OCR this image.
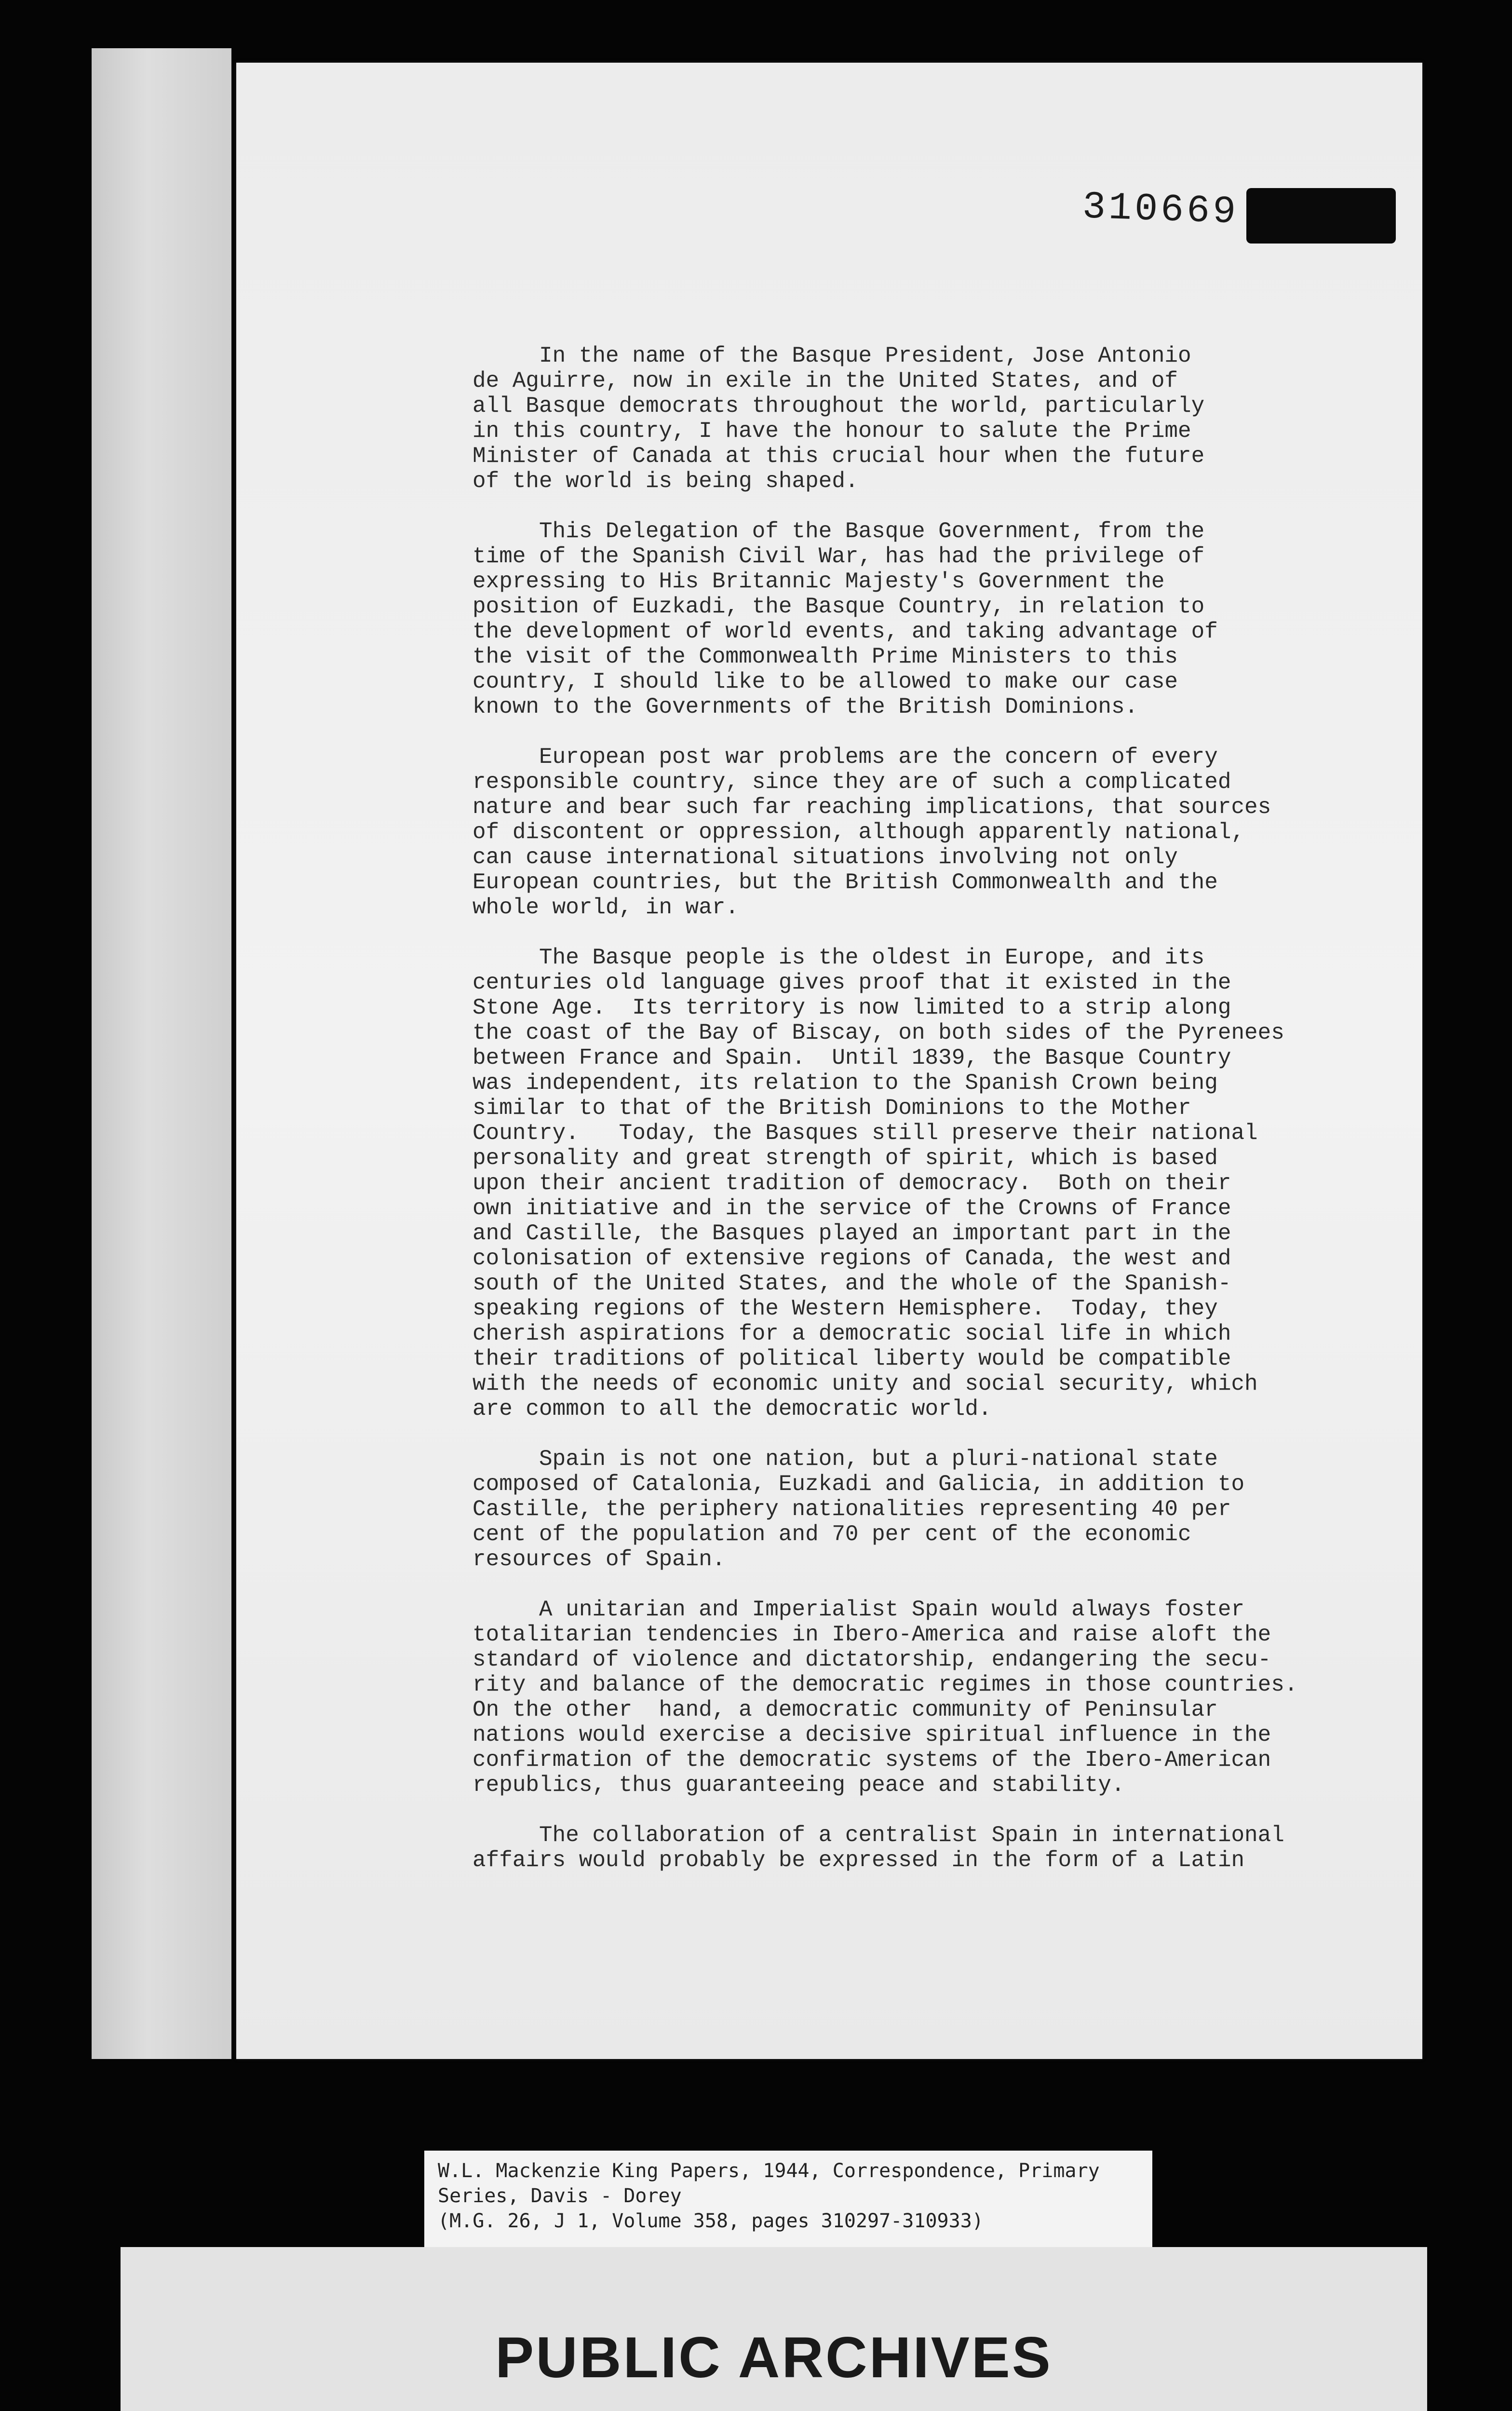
310669

In the name of the Basque President, Jose Antonio
de Aguirre, now in exile in the United States, and of
all Basque democrats throughout the world, particularly
in this country, I have the honour to salute the Prime
Minister of Canada at this crucial hour when the future
of the world is being shaped.

This Delegation of the Basque Government, from the
time of the Spanish Civil War, has had the privilege of
expressing to His Britannic Majesty's Government the
position of Euzkadi, the Basque Country, in relation to
the development of world events, and taking advantage of
the visit of the Commonwealth Prime Ministers to this
country, I should like to be allowed to make our case
known to the Governments of the British Dominions.

European post war problems are the concern of every
responsible country, since they are of such a complicated
nature and bear such far reaching implications, that sources
of discontent or oppression, although apparently national,
can cause international situations involving not only
European countries, but the British Commonwealth and the
whole world, in war.

The Basque people is the oldest in Europe, and its
centuries old language gives proof that it existed in the
Stone Age.  Its territory is now limited to a strip along
the coast of the Bay of Biscay, on both sides of the Pyrenees
between France and Spain.  Until 1839, the Basque Country
was independent, its relation to the Spanish Crown being
similar to that of the British Dominions to the Mother
Country.   Today, the Basques still preserve their national
personality and great strength of spirit, which is based
upon their ancient tradition of democracy.  Both on their
own initiative and in the service of the Crowns of France
and Castille, the Basques played an important part in the
colonisation of extensive regions of Canada, the west and
south of the United States, and the whole of the Spanish-
speaking regions of the Western Hemisphere.  Today, they
cherish aspirations for a democratic social life in which
their traditions of political liberty would be compatible
with the needs of economic unity and social security, which
are common to all the democratic world.

Spain is not one nation, but a pluri-national state
composed of Catalonia, Euzkadi and Galicia, in addition to
Castille, the periphery nationalities representing 40 per
cent of the population and 70 per cent of the economic
resources of Spain.

A unitarian and Imperialist Spain would always foster
totalitarian tendencies in Ibero-America and raise aloft the
standard of violence and dictatorship, endangering the secu-
rity and balance of the democratic regimes in those countries.
On the other  hand, a democratic community of Peninsular
nations would exercise a decisive spiritual influence in the
confirmation of the democratic systems of the Ibero-American
republics, thus guaranteeing peace and stability.

The collaboration of a centralist Spain in international
affairs would probably be expressed in the form of a Latin

W.L. Mackenzie King Papers, 1944, Correspondence, Primary
Series, Davis - Dorey
(M.G. 26, J 1, Volume 358, pages 310297-310933)
PUBLIC ARCHIVES
